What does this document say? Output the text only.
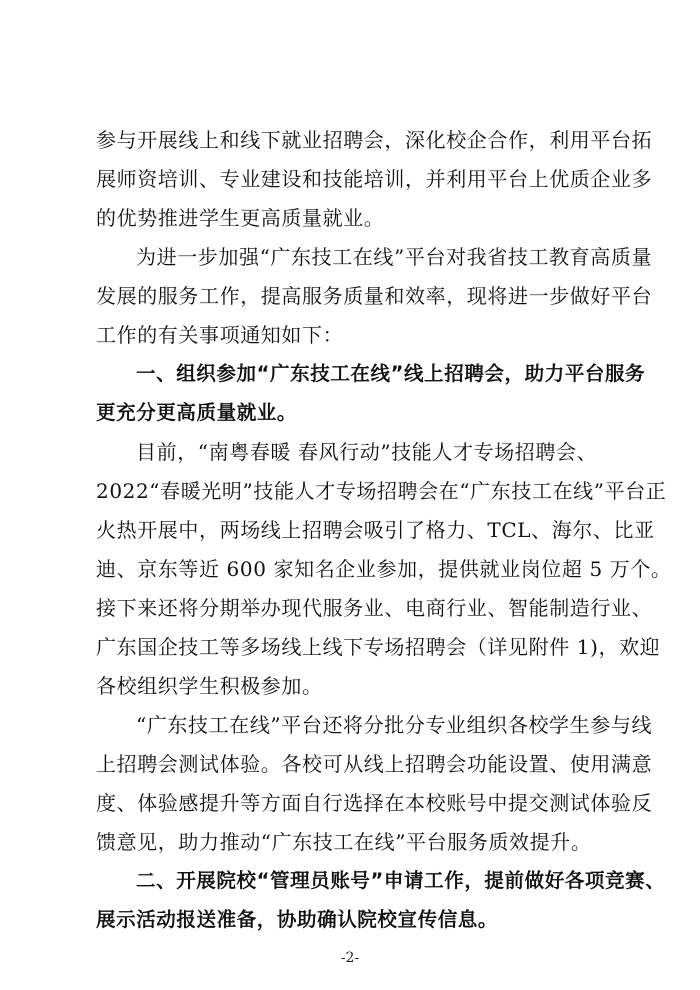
参与开展线上和线下就业招聘会，深化校企合作，利用平台拓
展师资培训、专业建设和技能培训，并利用平台上优质企业多
的优势推进学生更高质量就业。
为进一步加强“广东技工在线”平台对我省技工教育高质量
发展的服务工作，提高服务质量和效率，现将进一步做好平台
工作的有关事项通知如下：
一、组织参加“广东技工在线”线上招聘会，助力平台服务
更充分更高质量就业。
目前，“南粤春暖 春风行动”技能人才专场招聘会、
2022“春暖光明”技能人才专场招聘会在“广东技工在线”平台正
火热开展中，两场线上招聘会吸引了格力、TCL、海尔、比亚
迪、京东等近 600 家知名企业参加，提供就业岗位超 5 万个。
接下来还将分期举办现代服务业、电商行业、智能制造行业、
广东国企技工等多场线上线下专场招聘会（详见附件 1)，欢迎
各校组织学生积极参加。
“广东技工在线”平台还将分批分专业组织各校学生参与线
上招聘会测试体验。各校可从线上招聘会功能设置、使用满意
度、体验感提升等方面自行选择在本校账号中提交测试体验反
馈意见，助力推动“广东技工在线”平台服务质效提升。
二、开展院校“管理员账号”申请工作，提前做好各项竞赛、
展示活动报送准备，协助确认院校宣传信息。
-2-
